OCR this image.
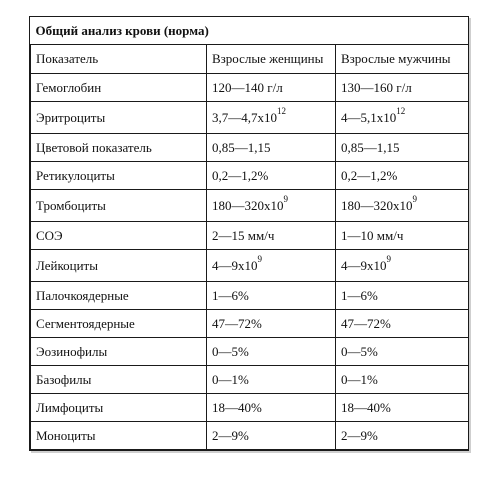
Общий анализ крови (норма)		
Показатель	Взрослые женщины	Взрослые мужчины
Гемоглобин	120—140 г/л	130—160 г/л
Эритроциты	$3,7—4,7x10^{12}$	$4—5,1x10^{12}$
Цветовой показатель	0,85—1,15	0,85—1,15
Ретикулоциты	0,2—1,2%	0,2—1,2%
Тромбоциты	$180—320x10^9$	$180—320x10^9$
СОЭ	2—15 мм/ч	1—10 мм/ч
Лейкоциты	$4—9x10^9$	$4—9x10^9$
Палочкоядерные	1—6%	1—6%
Сегментоядерные	47—72%	47—72%
Эозинофилы	0—5%	0—5%
Базофилы	0—1%	0—1%
Лимфоциты	18—40%	18—40%
Моноциты	2—9%	2—9%
